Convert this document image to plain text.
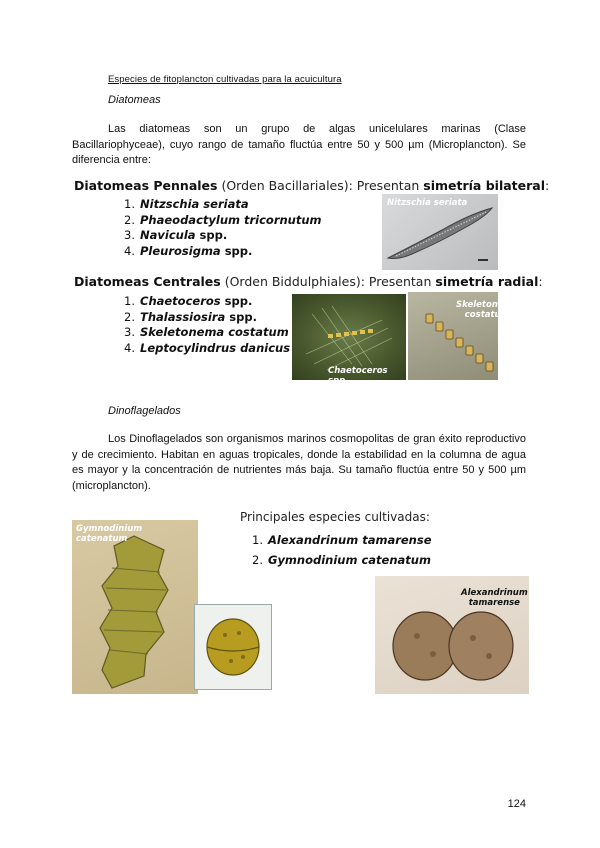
Especies de fitoplancton cultivadas para la acuicultura
Diatomeas
Las diatomeas son un grupo de algas unicelulares marinas (Clase Bacillariophyceae), cuyo rango de tamaño fluctúa entre 50 y 500 µm (Microplancton). Se diferencia entre:
Diatomeas Pennales (Orden Bacillariales): Presentan simetría bilateral:
1. Nitzschia seriata
2. Phaeodactylum tricornutum
3. Navicula spp.
4. Pleurosigma spp.
Nitzschia seriata
Diatomeas Centrales (Orden Biddulphiales): Presentan simetría radial:
1. Chaetoceros spp.
2. Thalassiosira spp.
3. Skeletonema costatum
4. Leptocylindrus danicus
Chaetoceros spp
Skeletonema
costatum
Dinoflagelados
Los Dinoflagelados son organismos marinos cosmopolitas de gran éxito reproductivo y de crecimiento. Habitan en aguas tropicales, donde la estabilidad en la columna de agua es mayor y la concentración de nutrientes más baja. Su tamaño fluctúa entre 50 y 500 µm (microplancton).
Principales especies cultivadas:
1. Alexandrinum tamarense
2. Gymnodinium catenatum
Gymnodinium
catenatum
Alexandrinum
tamarense
124
